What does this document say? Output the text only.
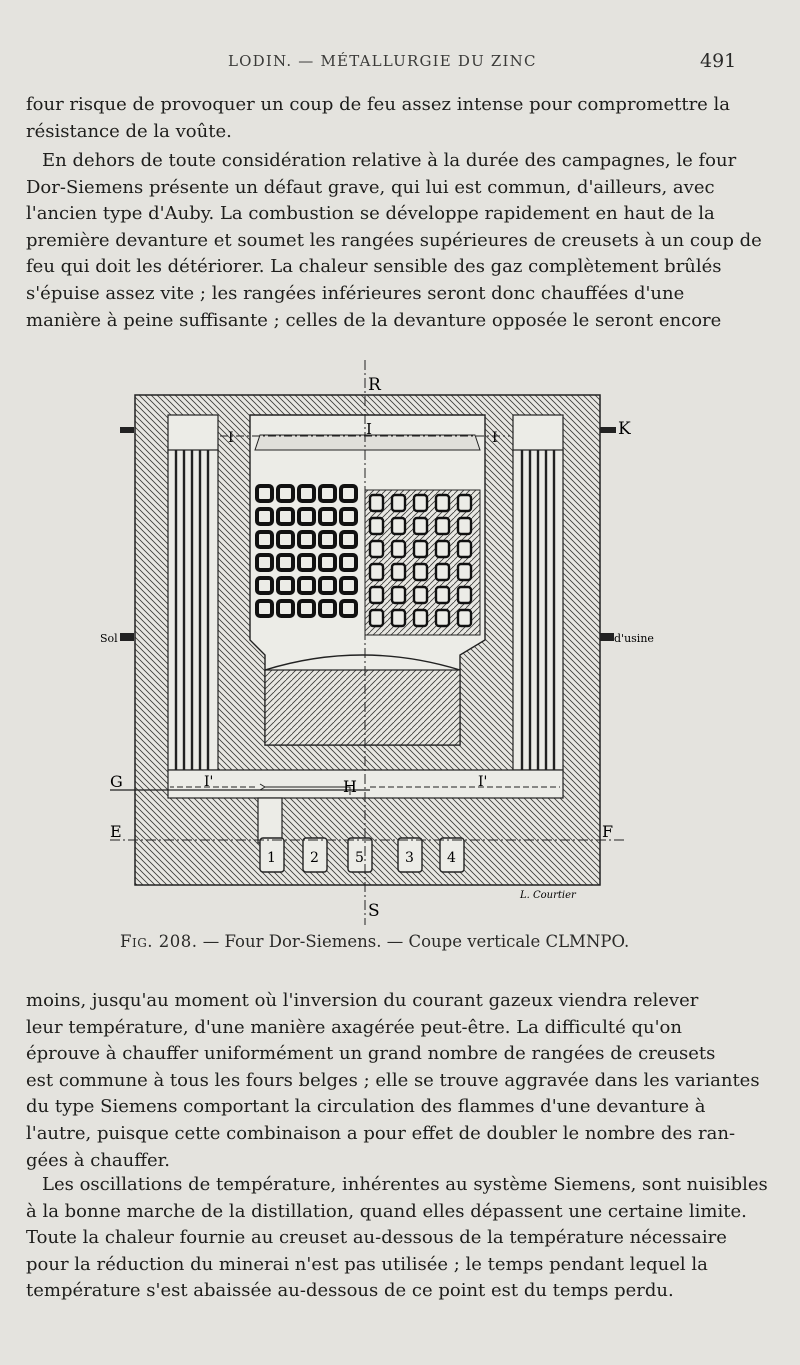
LODIN. — MÉTALLURGIE DU ZINC	491
four risque de provoquer un coup de feu assez intense pour compromettre la
résistance de la voûte.
En dehors de toute considération relative à la durée des campagnes, le four
Dor-Siemens présente un défaut grave, qui lui est commun, d'ailleurs, avec
l'ancien type d'Auby. La combustion se développe rapidement en haut de la
première devanture et soumet les rangées supérieures de creusets à un coup de
feu qui doit les détériorer. La chaleur sensible des gaz complètement brûlés
s'épuise assez vite ; les rangées inférieures seront donc chauffées d'une
manière à peine suffisante ; celles de la devanture opposée le seront encore
1 2	5	3 4
R
S
K
G	H
E	F
I
I	I
I'	I'
Sol	d'usine
L. Courtier
Fig. 208. — Four Dor-Siemens. — Coupe verticale CLMNPO.
moins, jusqu'au moment où l'inversion du courant gazeux viendra relever
leur température, d'une manière axagérée peut-être. La difficulté qu'on
éprouve à chauffer uniformément un grand nombre de rangées de creusets
est commune à tous les fours belges ; elle se trouve aggravée dans les variantes
du type Siemens comportant la circulation des flammes d'une devanture à
l'autre, puisque cette combinaison a pour effet de doubler le nombre des ran-
gées à chauffer.
Les oscillations de température, inhérentes au système Siemens, sont nuisibles
à la bonne marche de la distillation, quand elles dépassent une certaine limite.
Toute la chaleur fournie au creuset au-dessous de la température nécessaire
pour la réduction du minerai n'est pas utilisée ; le temps pendant lequel la
température s'est abaissée au-dessous de ce point est du temps perdu.
